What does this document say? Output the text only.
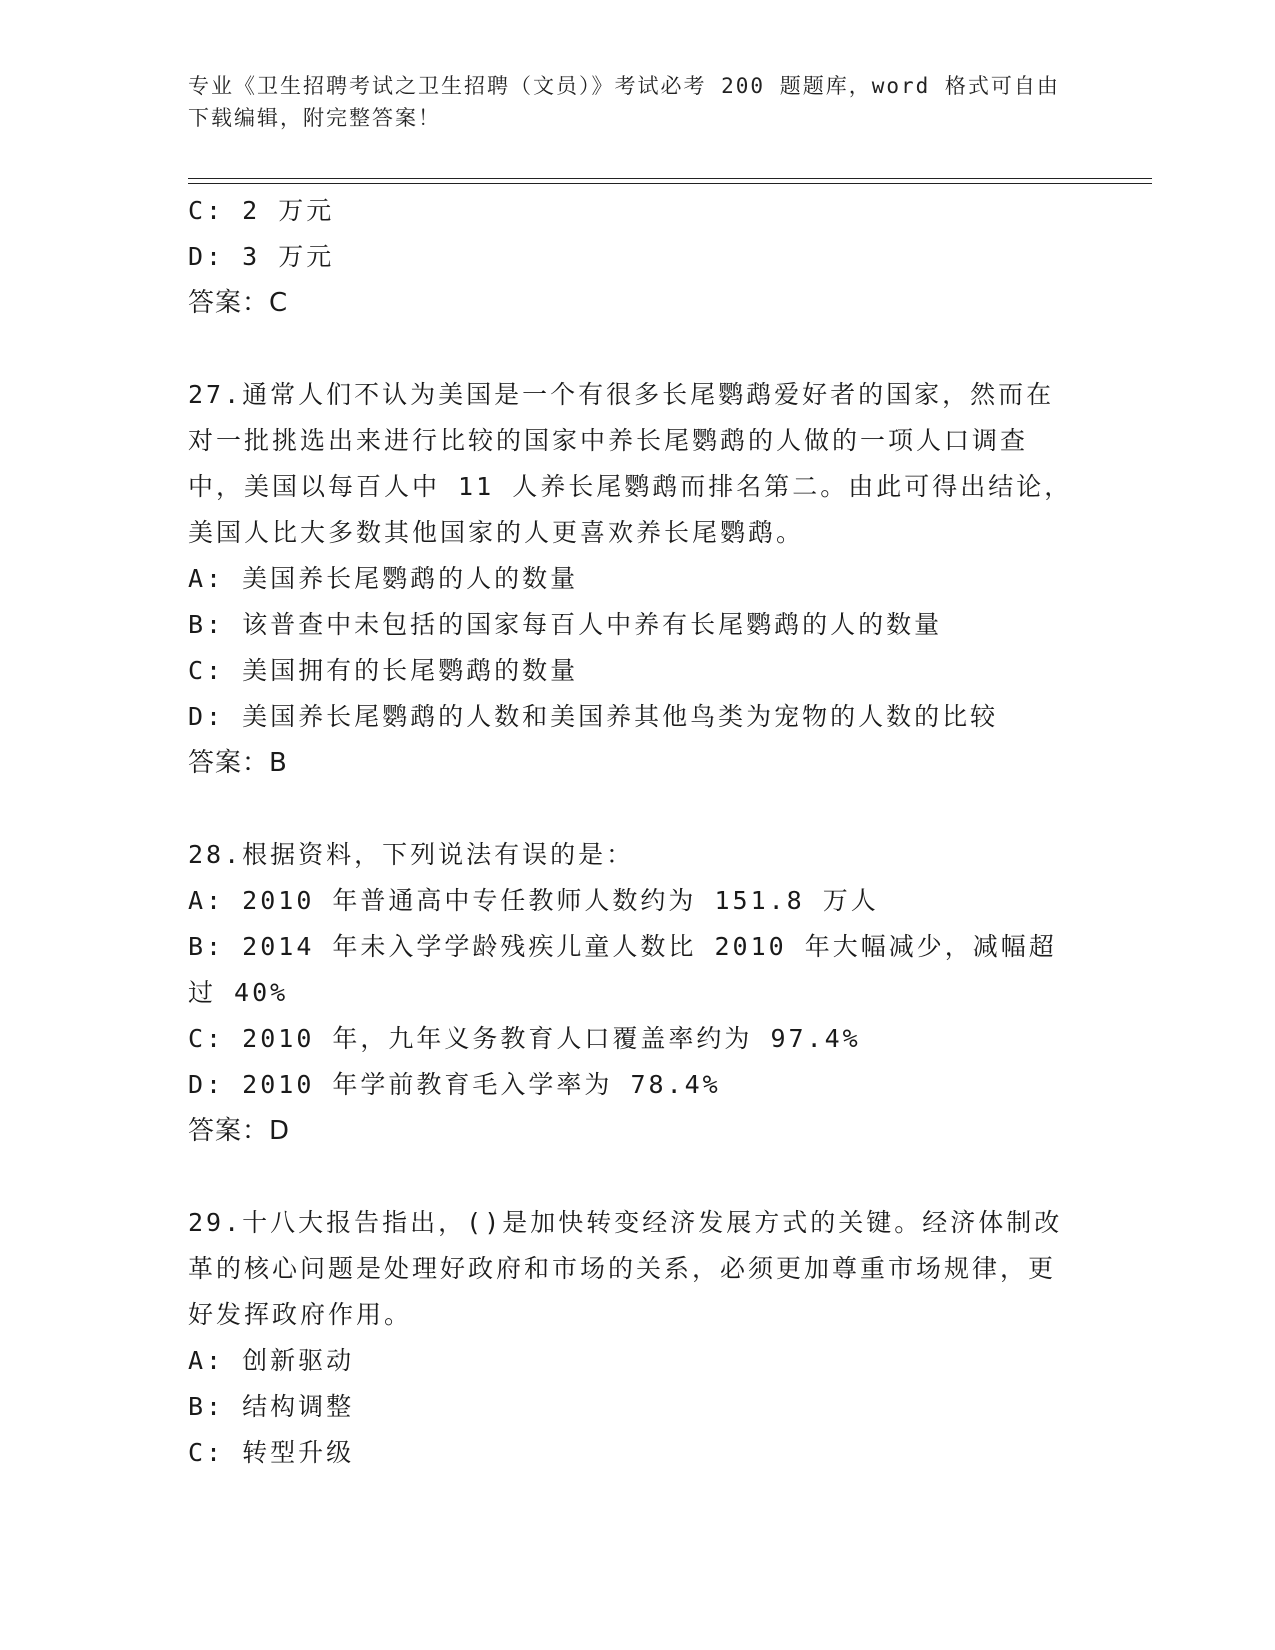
专业《卫生招聘考试之卫生招聘（文员）》考试必考 200 题题库，word 格式可自由下载编辑，附完整答案！
C: 2 万元
D: 3 万元
答案：C
27.通常人们不认为美国是一个有很多长尾鹦鹉爱好者的国家，然而在对一批挑选出来进行比较的国家中养长尾鹦鹉的人做的一项人口调查中，美国以每百人中 11 人养长尾鹦鹉而排名第二。由此可得出结论，美国人比大多数其他国家的人更喜欢养长尾鹦鹉。
A: 美国养长尾鹦鹉的人的数量
B: 该普查中未包括的国家每百人中养有长尾鹦鹉的人的数量
C: 美国拥有的长尾鹦鹉的数量
D: 美国养长尾鹦鹉的人数和美国养其他鸟类为宠物的人数的比较
答案：B
28.根据资料，下列说法有误的是：
A: 2010 年普通高中专任教师人数约为 151.8 万人
B: 2014 年未入学学龄残疾儿童人数比 2010 年大幅减少，减幅超过 40%
C: 2010 年，九年义务教育人口覆盖率约为 97.4%
D: 2010 年学前教育毛入学率为 78.4%
答案：D
29.十八大报告指出，()是加快转变经济发展方式的关键。经济体制改革的核心问题是处理好政府和市场的关系，必须更加尊重市场规律，更好发挥政府作用。
A: 创新驱动
B: 结构调整
C: 转型升级
